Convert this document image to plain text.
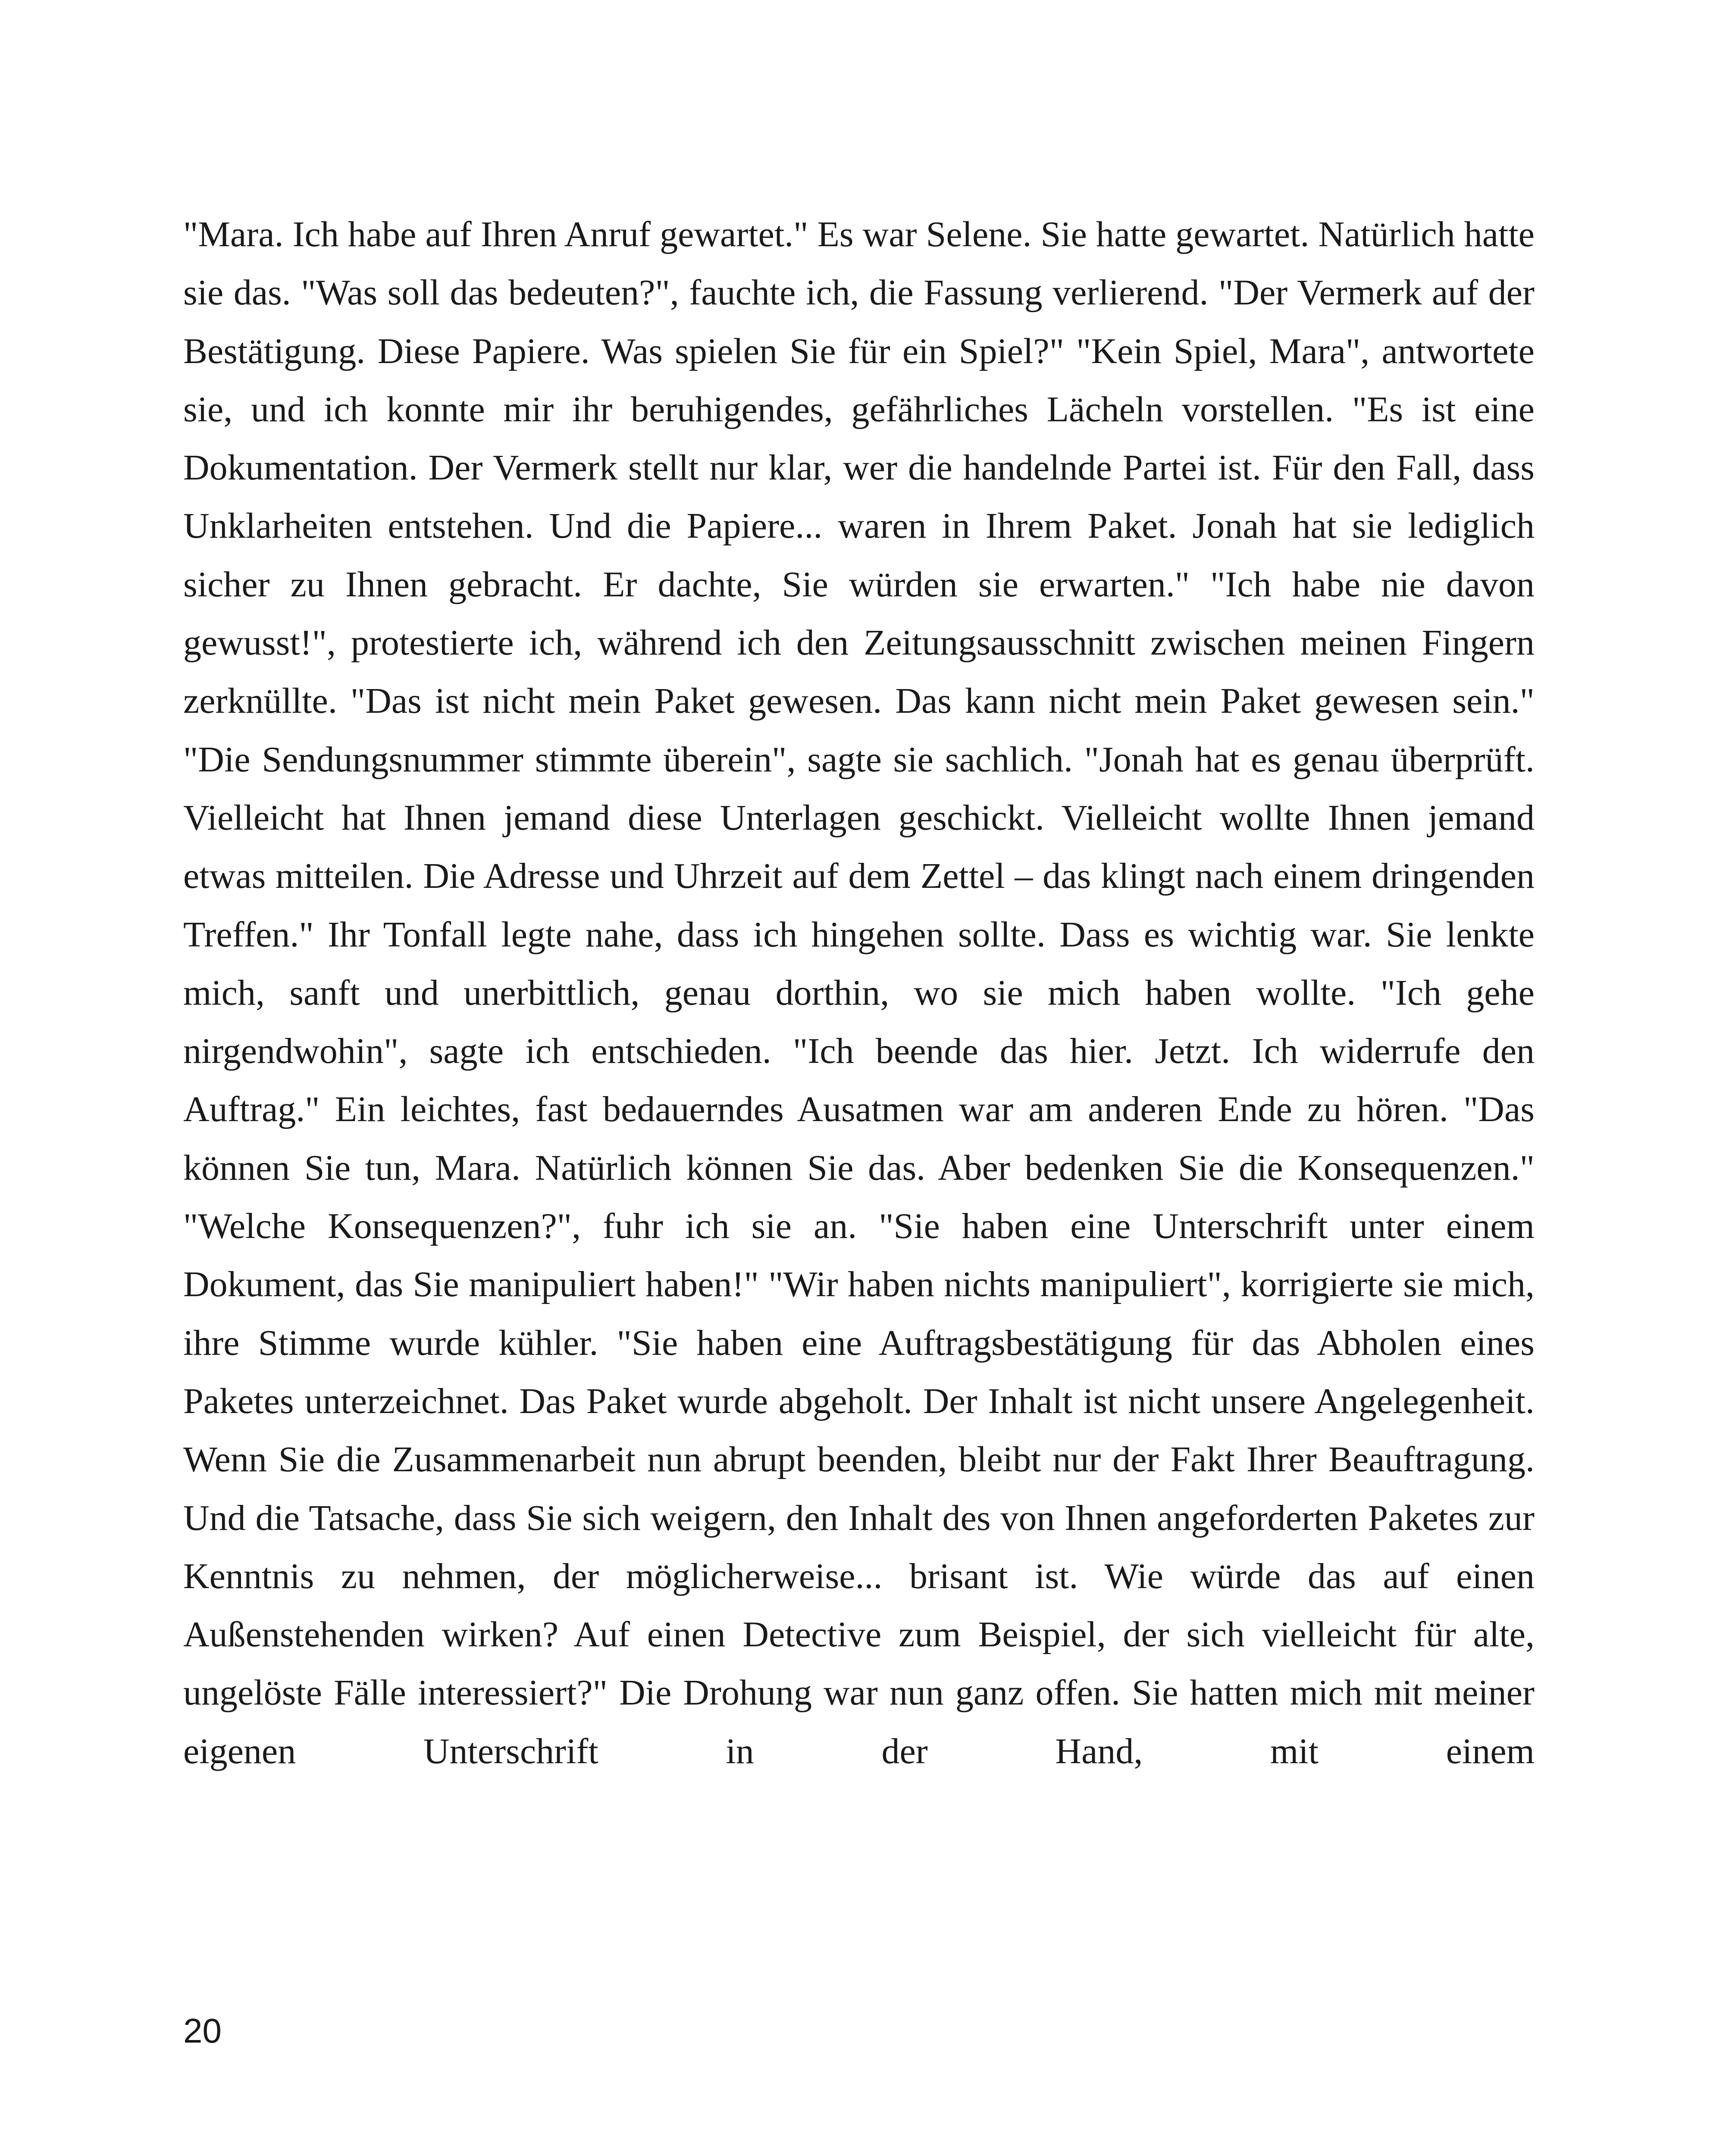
"Mara. Ich habe auf Ihren Anruf gewartet." Es war Selene. Sie hatte gewartet. Natürlich hatte sie das. "Was soll das bedeuten?", fauchte ich, die Fassung verlierend. "Der Vermerk auf der Bestätigung. Diese Papiere. Was spielen Sie für ein Spiel?" "Kein Spiel, Mara", antwortete sie, und ich konnte mir ihr beruhigendes, gefährliches Lächeln vorstellen. "Es ist eine Dokumentation. Der Vermerk stellt nur klar, wer die handelnde Partei ist. Für den Fall, dass Unklarheiten entstehen. Und die Papiere... waren in Ihrem Paket. Jonah hat sie lediglich sicher zu Ihnen gebracht. Er dachte, Sie würden sie erwarten." "Ich habe nie davon gewusst!", protestierte ich, während ich den Zeitungsausschnitt zwischen meinen Fingern zerknüllte. "Das ist nicht mein Paket gewesen. Das kann nicht mein Paket gewesen sein." "Die Sendungsnummer stimmte überein", sagte sie sachlich. "Jonah hat es genau überprüft. Vielleicht hat Ihnen jemand diese Unterlagen geschickt. Vielleicht wollte Ihnen jemand etwas mitteilen. Die Adresse und Uhrzeit auf dem Zettel – das klingt nach einem dringenden Treffen." Ihr Tonfall legte nahe, dass ich hingehen sollte. Dass es wichtig war. Sie lenkte mich, sanft und unerbittlich, genau dorthin, wo sie mich haben wollte. "Ich gehe nirgendwohin", sagte ich entschieden. "Ich beende das hier. Jetzt. Ich widerrufe den Auftrag." Ein leichtes, fast bedauerndes Ausatmen war am anderen Ende zu hören. "Das können Sie tun, Mara. Natürlich können Sie das. Aber bedenken Sie die Konsequenzen." "Welche Konsequenzen?", fuhr ich sie an. "Sie haben eine Unterschrift unter einem Dokument, das Sie manipuliert haben!" "Wir haben nichts manipuliert", korrigierte sie mich, ihre Stimme wurde kühler. "Sie haben eine Auftragsbestätigung für das Abholen eines Paketes unterzeichnet. Das Paket wurde abgeholt. Der Inhalt ist nicht unsere Angelegenheit. Wenn Sie die Zusammenarbeit nun abrupt beenden, bleibt nur der Fakt Ihrer Beauftragung. Und die Tatsache, dass Sie sich weigern, den Inhalt des von Ihnen angeforderten Paketes zur Kenntnis zu nehmen, der möglicherweise... brisant ist. Wie würde das auf einen Außenstehenden wirken? Auf einen Detective zum Beispiel, der sich vielleicht für alte, ungelöste Fälle interessiert?" Die Drohung war nun ganz offen. Sie hatten mich mit meiner eigenen Unterschrift in der Hand, mit einem

20
